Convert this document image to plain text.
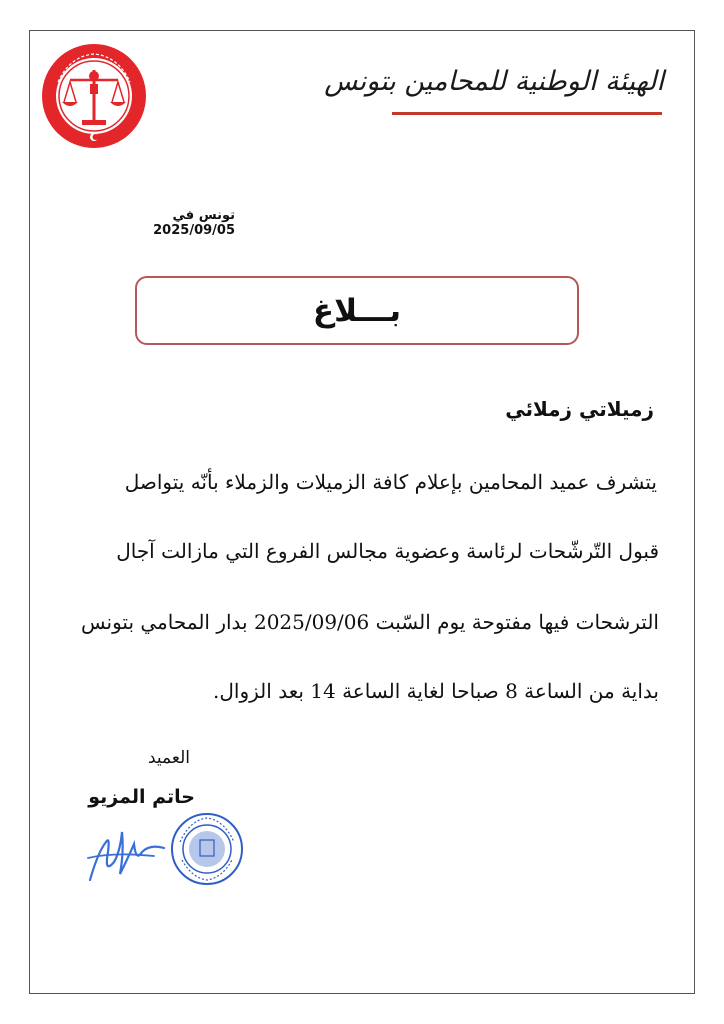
الهيئة الوطنية للمحامين بتونس
تونس في 2025/09/05
بـــلاغ
زميلاتي زملائي
يتشرف عميد المحامين بإعلام كافة الزميلات والزملاء بأنّه يتواصل
قبول التّرشّحات لرئاسة وعضوية مجالس الفروع التي مازالت آجال
الترشحات فيها مفتوحة يوم السّبت 2025/09/06 بدار المحامي بتونس
بداية من الساعة 8 صباحا لغاية الساعة 14 بعد الزوال.
العميد
حاتم المزيو
